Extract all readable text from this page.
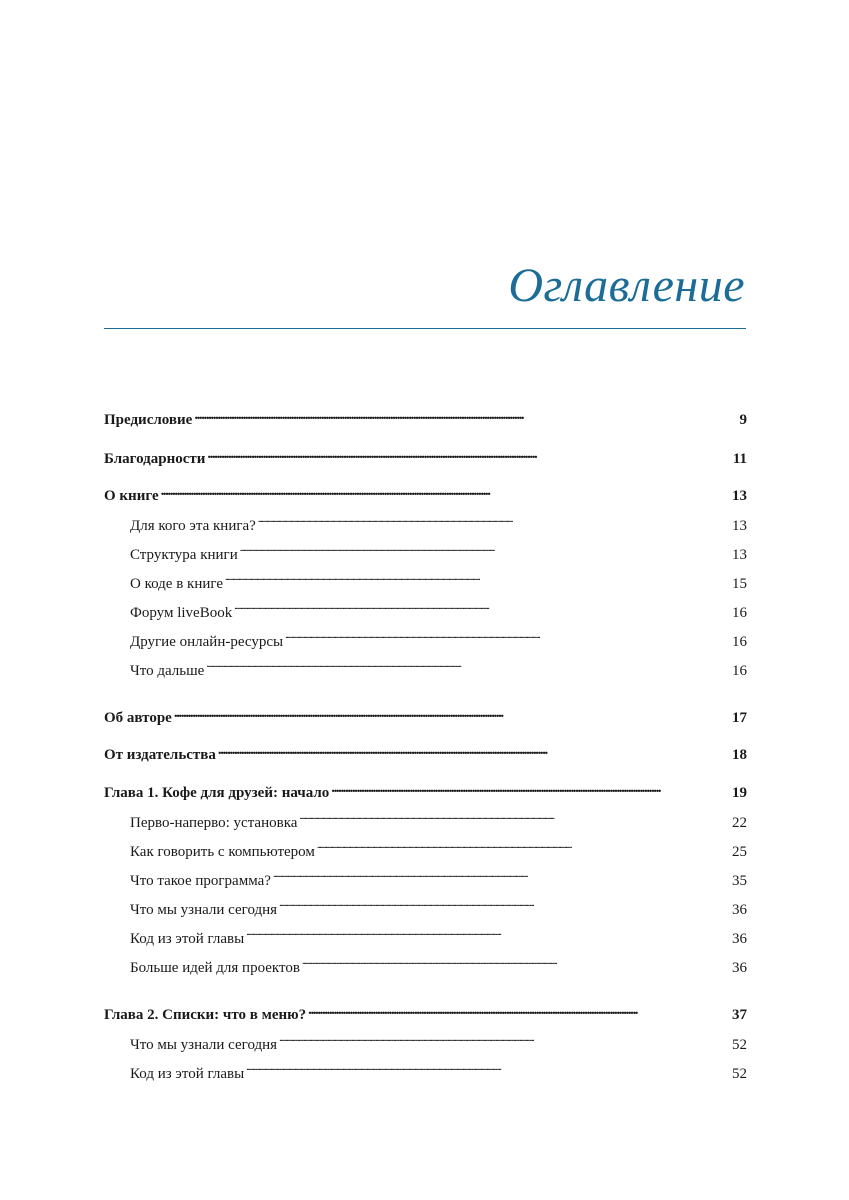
Оглавление
Предисловие . . .	9
Благодарности . . .	11
О книге . . .	13
Для кого эта книга? . . .	13
Структура книги . . .	13
О коде в книге . . .	15
Форум liveBook . . .	16
Другие онлайн-ресурсы . . .	16
Что дальше . . .	16
Об авторе . . .	17
От издательства . . .	18
Глава 1. Кофе для друзей: начало . . .	19
Перво-наперво: установка . . .	22
Как говорить с компьютером . . .	25
Что такое программа? . . .	35
Что мы узнали сегодня . . .	36
Код из этой главы . . .	36
Больше идей для проектов . . .	36
Глава 2. Списки: что в меню? . . .	37
Что мы узнали сегодня . . .	52
Код из этой главы . . .	52
